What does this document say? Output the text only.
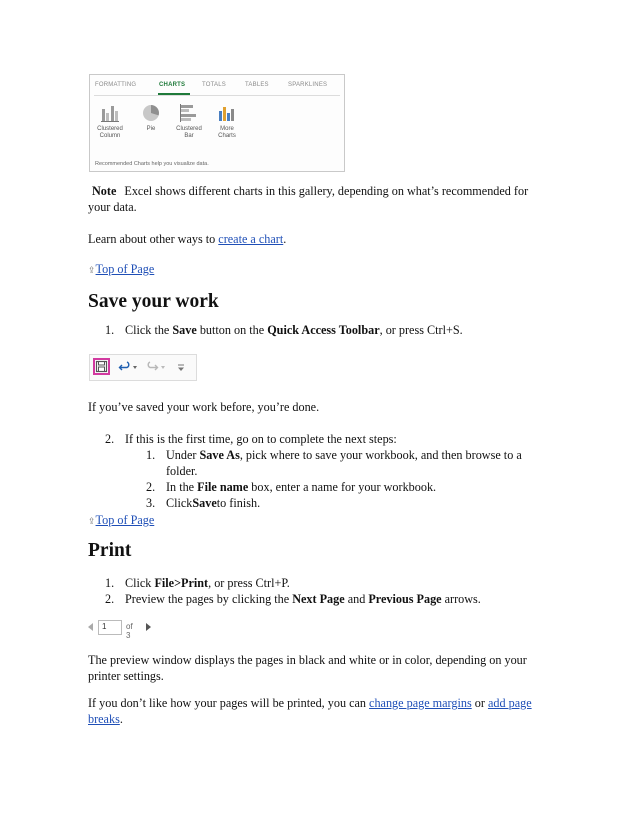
FORMATTING	CHARTS	TOTALS	TABLES	SPARKLINES
Clustered
Column
Pie	Clustered
Bar
More
Charts
Recommended Charts help you visualize data.
Note Excel shows different charts in this gallery, depending on what’s recommended for
your data.
Learn about other ways to create a chart.
⇪Top of Page
Save your work
1. Click the Save button on the Quick Access Toolbar, or press Ctrl+S.
If you’ve saved your work before, you’re done.
2. If this is the first time, go on to complete the next steps:
1. Under Save As, pick where to save your workbook, and then browse to a
folder.
2. In the File name box, enter a name for your workbook.
3. ClickSaveto finish.
⇪Top of Page
Print
1. Click File>Print, or press Ctrl+P.
2. Preview the pages by clicking the Next Page and Previous Page arrows.
1 of 3
The preview window displays the pages in black and white or in color, depending on your
printer settings.
If you don’t like how your pages will be printed, you can change page margins or add page
breaks.
